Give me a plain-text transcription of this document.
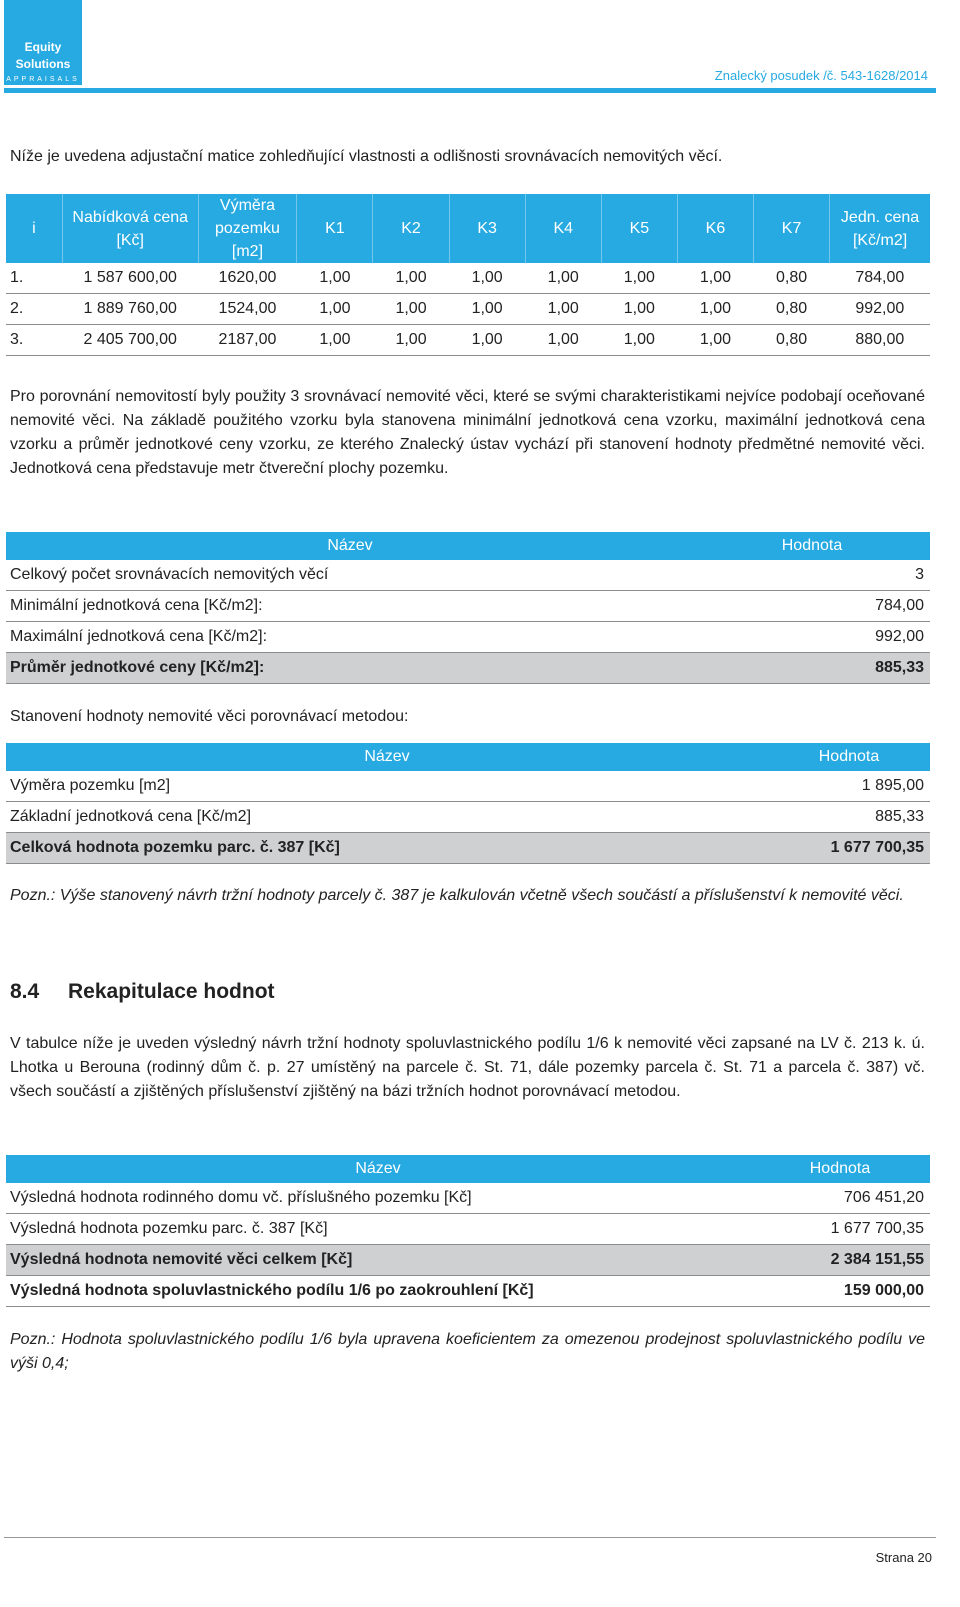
Equity
Solutions
APPRAISALS	Znalecký posudek /č. 543-1628/2014

Níže je uvedena adjustační matice zohledňující vlastnosti a odlišnosti srovnávacích nemovitých věcí.

i	Nabídková cena [Kč]	Výměra pozemku [m2]	K1	K2	K3	K4	K5	K6	K7	Jedn. cena [Kč/m2]
1.	1 587 600,00	1620,00	1,00	1,00	1,00	1,00	1,00	1,00	0,80	784,00
2.	1 889 760,00	1524,00	1,00	1,00	1,00	1,00	1,00	1,00	0,80	992,00
3.	2 405 700,00	2187,00	1,00	1,00	1,00	1,00	1,00	1,00	0,80	880,00

Pro porovnání nemovitostí byly použity 3 srovnávací nemovité věci, které se svými charakteristikami nejvíce podobají oceňované nemovité věci. Na základě použitého vzorku byla stanovena minimální jednotková cena vzorku, maximální jednotková cena vzorku a průměr jednotkové ceny vzorku, ze kterého Znalecký ústav vychází při stanovení hodnoty předmětné nemovité věci. Jednotková cena představuje metr čtvereční plochy pozemku.

Název	Hodnota
Celkový počet srovnávacích nemovitých věcí	3
Minimální jednotková cena [Kč/m2]:	784,00
Maximální jednotková cena [Kč/m2]:	992,00
Průměr jednotkové ceny [Kč/m2]:	885,33

Stanovení hodnoty nemovité věci porovnávací metodou:

Název	Hodnota
Výměra pozemku [m2]	1 895,00
Základní jednotková cena [Kč/m2]	885,33
Celková hodnota pozemku parc. č. 387 [Kč]	1 677 700,35

Pozn.: Výše stanovený návrh tržní hodnoty parcely č. 387 je kalkulován včetně všech součástí a příslušenství k nemovité věci.

8.4 Rekapitulace hodnot

V tabulce níže je uveden výsledný návrh tržní hodnoty spoluvlastnického podílu 1/6 k nemovité věci zapsané na LV č. 213 k. ú. Lhotka u Berouna (rodinný dům č. p. 27 umístěný na parcele č. St. 71, dále pozemky parcela č. St. 71 a parcela č. 387) vč. všech součástí a zjištěných příslušenství zjištěný na bázi tržních hodnot porovnávací metodou.

Název	Hodnota
Výsledná hodnota rodinného domu vč. příslušného pozemku [Kč]	706 451,20
Výsledná hodnota pozemku parc. č. 387 [Kč]	1 677 700,35
Výsledná hodnota nemovité věci celkem [Kč]	2 384 151,55
Výsledná hodnota spoluvlastnického podílu 1/6 po zaokrouhlení [Kč]	159 000,00

Pozn.: Hodnota spoluvlastnického podílu 1/6 byla upravena koeficientem za omezenou prodejnost spoluvlastnického podílu ve výši 0,4;

Strana 20
